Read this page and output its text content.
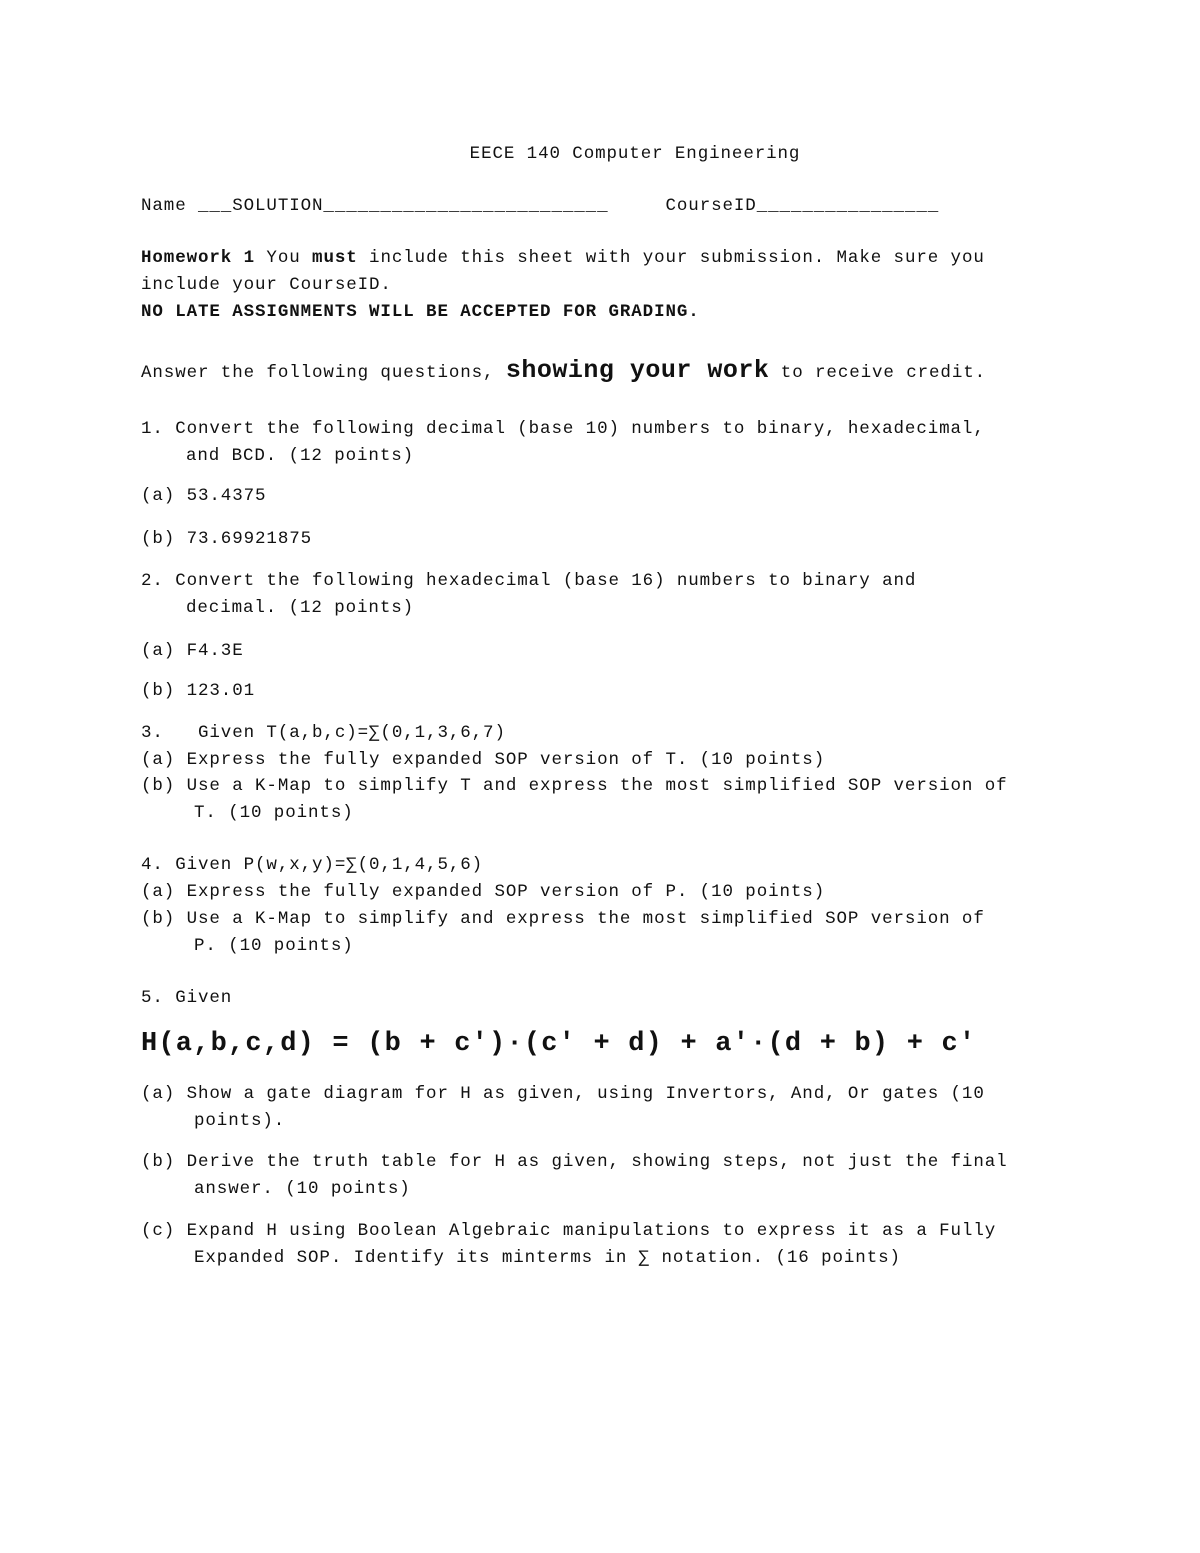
EECE 140 Computer Engineering
Name ___SOLUTION_________________________	CourseID________________
Homework 1 You must include this sheet with your submission. Make sure you
include your CourseID.
NO LATE ASSIGNMENTS WILL BE ACCEPTED FOR GRADING.
Answer the following questions, showing your work to receive credit.
1. Convert the following decimal (base 10) numbers to binary, hexadecimal,
and BCD. (12 points)
(a) 53.4375
(b) 73.69921875
2. Convert the following hexadecimal (base 16) numbers to binary and
decimal. (12 points)
(a) F4.3E
(b) 123.01
3.   Given T(a,b,c)=∑(0,1,3,6,7)
(a) Express the fully expanded SOP version of T. (10 points)
(b) Use a K-Map to simplify T and express the most simplified SOP version of
T. (10 points)
4. Given P(w,x,y)=∑(0,1,4,5,6)
(a) Express the fully expanded SOP version of P. (10 points)
(b) Use a K-Map to simplify and express the most simplified SOP version of
P. (10 points)
5. Given
H(a,b,c,d) = (b + c′)·(c′ + d) + a′·(d + b) + c′
(a) Show a gate diagram for H as given, using Invertors, And, Or gates (10
points).
(b) Derive the truth table for H as given, showing steps, not just the final
answer. (10 points)
(c) Expand H using Boolean Algebraic manipulations to express it as a Fully
Expanded SOP. Identify its minterms in ∑ notation. (16 points)
